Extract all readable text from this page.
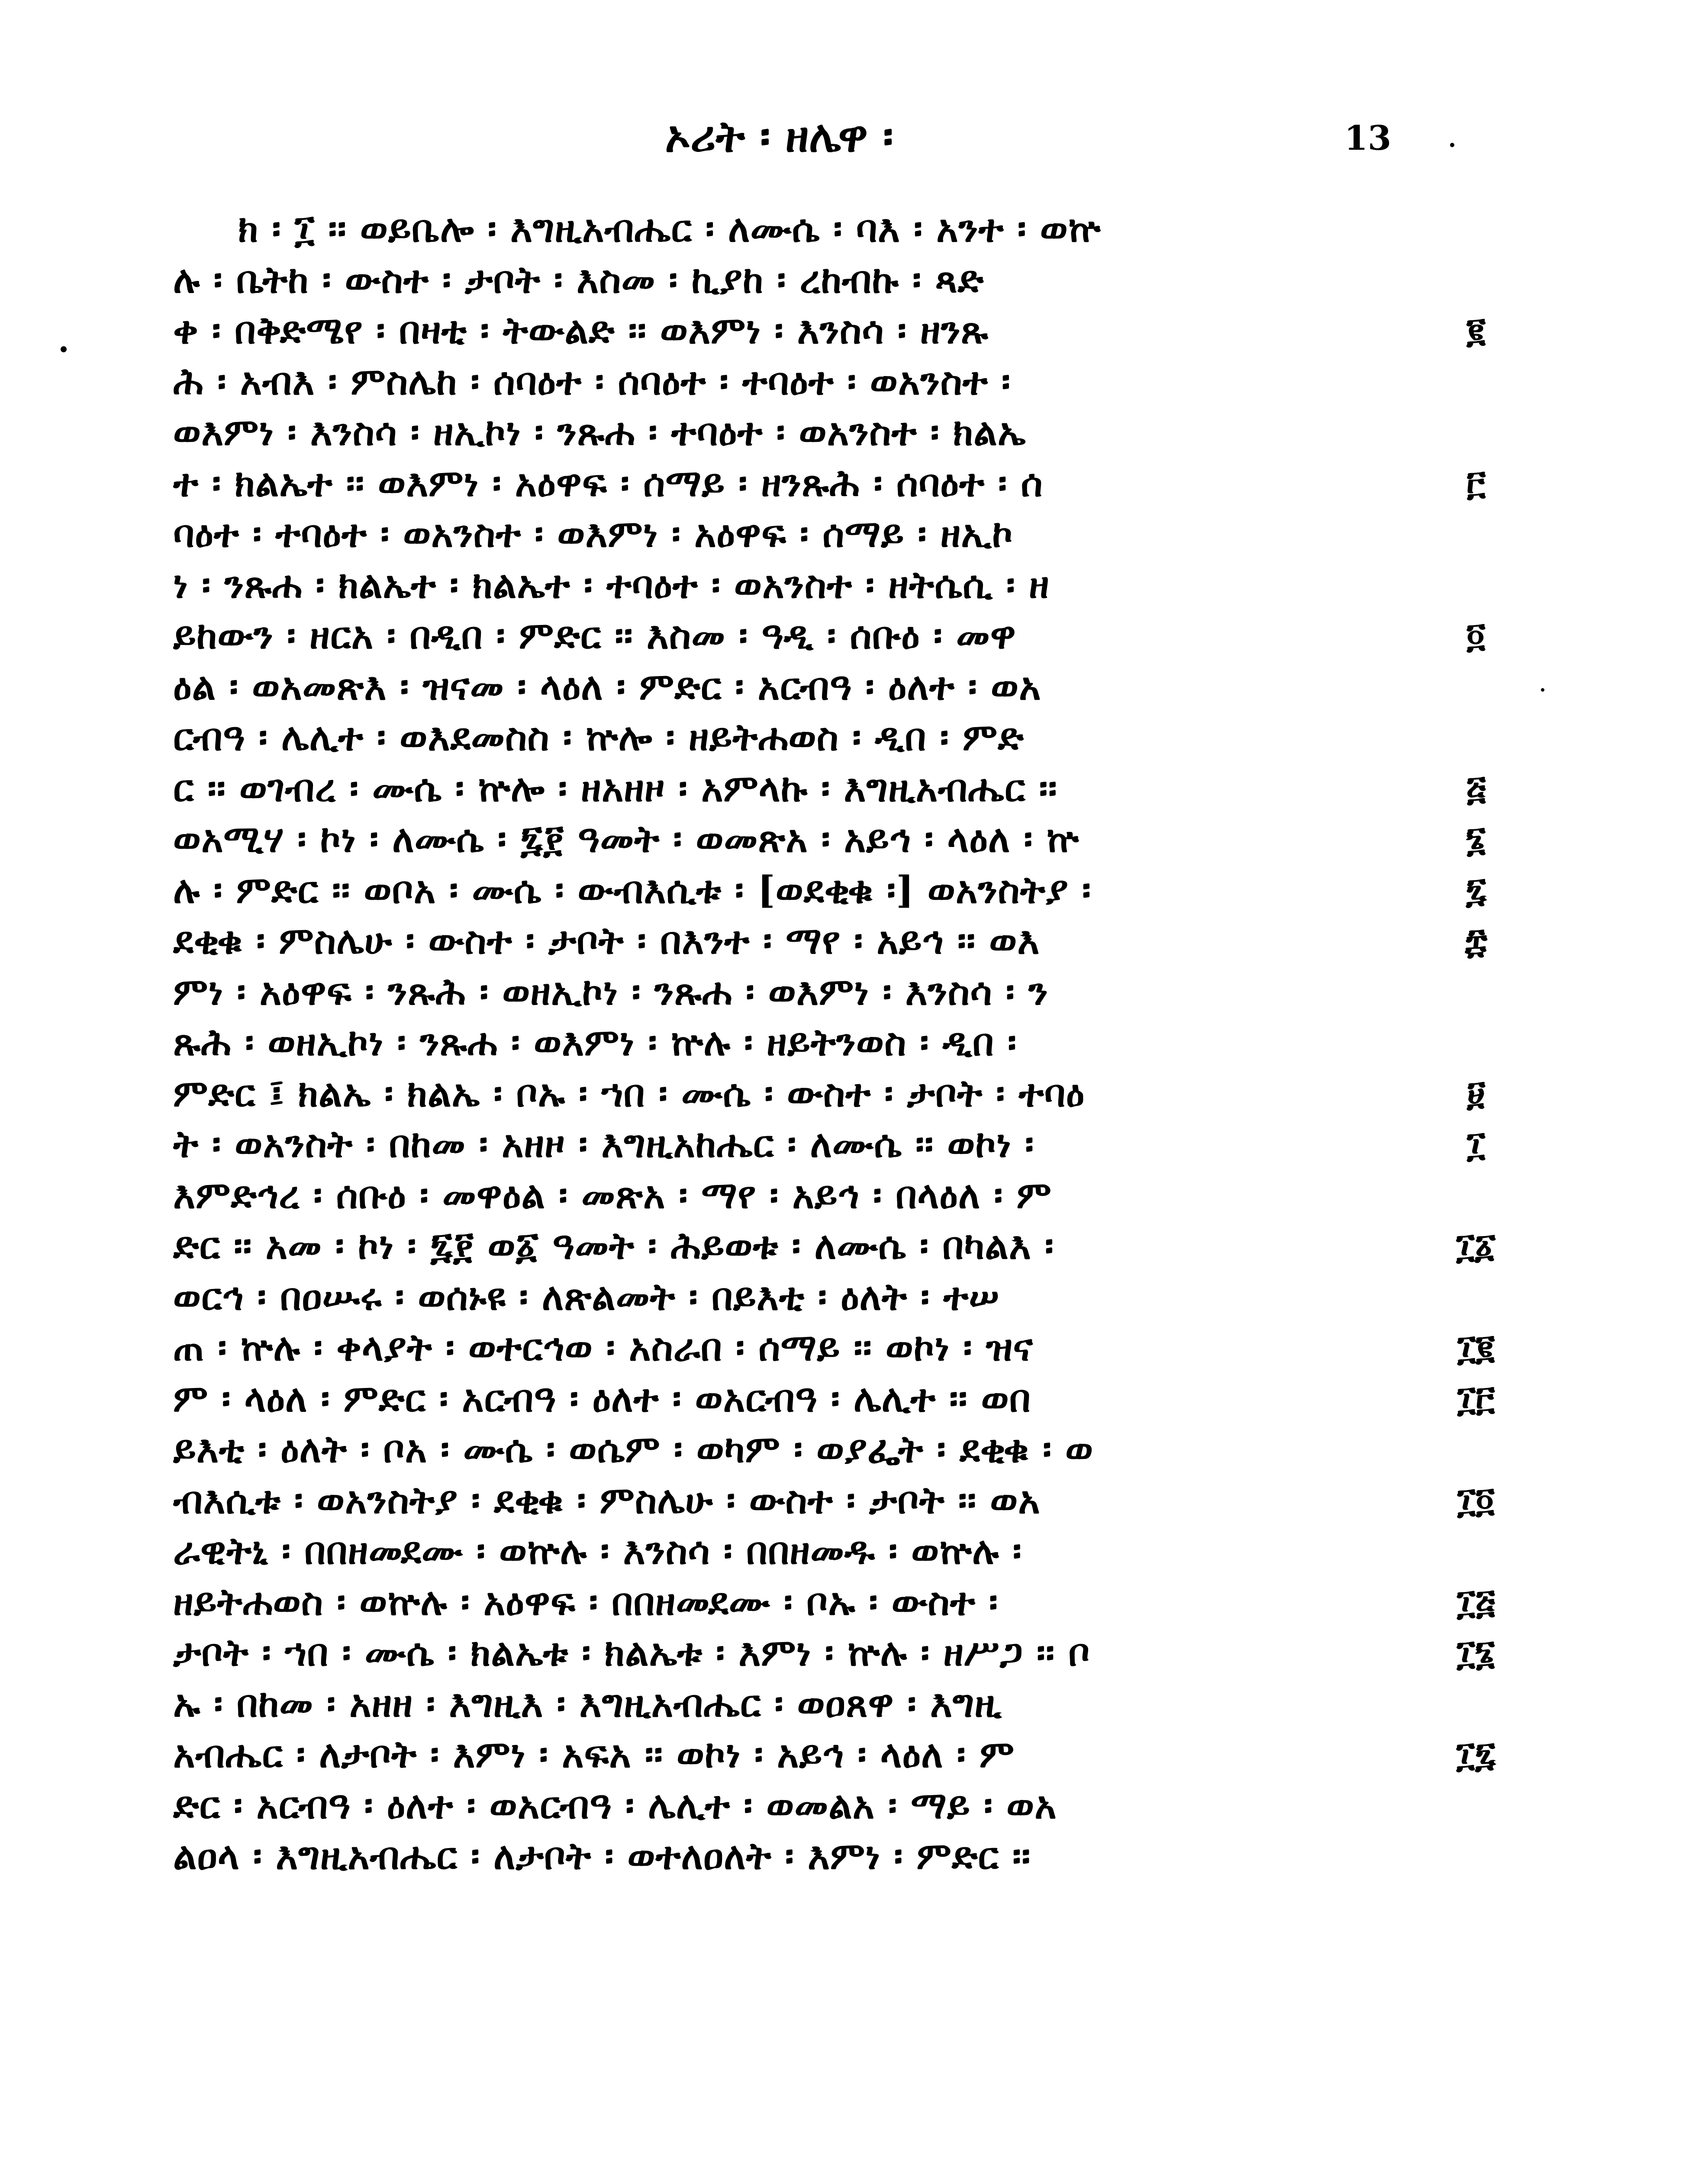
ኦሪት ፡ ዘሌዋ ፡	13
ክ ፡ ፲ ፡፡ ወይቤሎ ፡ እግዚአብሔር ፡ ለሙሴ ፡ ባእ ፡ አንተ ፡ ወኵ
ሉ ፡ ቤትከ ፡ ውስተ ፡ ታቦት ፡ እስመ ፡ ኪያከ ፡ ረከብኩ ፡ ጻድ
ቀ ፡ በቅድሜየ ፡ በዛቲ ፡ ትውልድ ፡፡ ወእምነ ፡ እንስሳ ፡ ዘንጹ
ሕ ፡ አብእ ፡ ምስሌከ ፡ ሰባዕተ ፡ ሰባዕተ ፡ ተባዕተ ፡ ወአንስተ ፡
ወእምነ ፡ እንስሳ ፡ ዘኢኮነ ፡ ንጹሐ ፡ ተባዕተ ፡ ወአንስተ ፡ ክልኤ
ተ ፡ ክልኤተ ፡፡ ወእምነ ፡ አዕዋፍ ፡ ሰማይ ፡ ዘንጹሕ ፡ ሰባዕተ ፡ ሰ
ባዕተ ፡ ተባዕተ ፡ ወአንስተ ፡ ወእምነ ፡ አዕዋፍ ፡ ሰማይ ፡ ዘኢኮ
ነ ፡ ንጹሐ ፡ ክልኤተ ፡ ክልኤተ ፡ ተባዕተ ፡ ወአንስተ ፡ ዘትሴሲ ፡ ዘ
ይከውን ፡ ዘርአ ፡ በዲበ ፡ ምድር ፡፡ እስመ ፡ ዓዲ ፡ ሰቡዕ ፡ መዋ
ዕል ፡ ወአመጽእ ፡ ዝናመ ፡ ላዕለ ፡ ምድር ፡ አርብዓ ፡ ዕለተ ፡ ወአ
ርብዓ ፡ ሌሊተ ፡ ወእደመስስ ፡ ኵሎ ፡ ዘይትሐወስ ፡ ዲበ ፡ ምድ
ር ፡፡ ወገብረ ፡ ሙሴ ፡ ኵሎ ፡ ዘአዘዞ ፡ አምላኩ ፡ እግዚአብሔር ፡፡
ወአሚሃ ፡ ኮነ ፡ ለሙሴ ፡ ፯፻ ዓመት ፡ ወመጽአ ፡ አይኅ ፡ ላዕለ ፡ ኵ
ሉ ፡ ምድር ፡፡ ወቦአ ፡ ሙሴ ፡ ውብእሲቱ ፡ [ወደቂቁ ፡] ወአንስትያ ፡
ደቂቁ ፡ ምስሌሁ ፡ ውስተ ፡ ታቦት ፡ በእንተ ፡ ማየ ፡ አይኅ ፡፡ ወእ
ምነ ፡ አዕዋፍ ፡ ንጹሕ ፡ ወዘኢኮነ ፡ ንጹሐ ፡ ወእምነ ፡ እንስሳ ፡ ን
ጹሕ ፡ ወዘኢኮነ ፡ ንጹሐ ፡ ወእምነ ፡ ኵሉ ፡ ዘይትንወስ ፡ ዲበ ፡
ምድር ፤ ክልኤ ፡ ክልኤ ፡ ቦኡ ፡ ኀበ ፡ ሙሴ ፡ ውስተ ፡ ታቦት ፡ ተባዕ
ት ፡ ወአንስት ፡ በከመ ፡ አዘዞ ፡ እግዚአከሔር ፡ ለሙሴ ፡፡ ወኮነ ፡
እምድኅረ ፡ ሰቡዕ ፡ መዋዕል ፡ መጽአ ፡ ማየ ፡ አይኅ ፡ በላዕለ ፡ ም
ድር ፡፡ አመ ፡ ኮነ ፡ ፯፻ ወ፩ ዓመት ፡ ሕይወቱ ፡ ለሙሴ ፡ በካልእ ፡
ወርኅ ፡ በዐሡሩ ፡ ወሰኑዩ ፡ ለጽልመት ፡ በይእቲ ፡ ዕለት ፡ ተሠ
ጠ ፡ ኵሉ ፡ ቀላያት ፡ ወተርኅወ ፡ አስራበ ፡ ሰማይ ፡፡ ወኮነ ፡ ዝና
ም ፡ ላዕለ ፡ ምድር ፡ አርብዓ ፡ ዕለተ ፡ ወአርብዓ ፡ ሌሊተ ፡፡ ወበ
ይእቲ ፡ ዕለት ፡ ቦአ ፡ ሙሴ ፡ ወሴም ፡ ወካም ፡ ወያፌት ፡ ደቂቁ ፡ ወ
ብእሲቱ ፡ ወአንስትያ ፡ ደቂቁ ፡ ምስሌሁ ፡ ውስተ ፡ ታቦት ፡፡ ወአ
ራዊትኒ ፡ በበዘመደሙ ፡ ወኵሉ ፡ እንስሳ ፡ በበዘመዱ ፡ ወኵሉ ፡
ዘይትሐወስ ፡ ወኵሉ ፡ አዕዋፍ ፡ በበዘመደሙ ፡ ቦኡ ፡ ውስተ ፡
ታቦት ፡ ኀበ ፡ ሙሴ ፡ ክልኤቱ ፡ ክልኤቱ ፡ እምነ ፡ ኵሉ ፡ ዘሥጋ ፡፡ ቦ
ኡ ፡ በከመ ፡ አዘዘ ፡ እግዚእ ፡ እግዚአብሔር ፡ ወዐጸዋ ፡ እግዚ
አብሔር ፡ ለታቦት ፡ እምነ ፡ አፍአ ፡፡ ወኮነ ፡ አይኅ ፡ ላዕለ ፡ ም
ድር ፡ አርብዓ ፡ ዕለተ ፡ ወአርብዓ ፡ ሌሊተ ፡ ወመልአ ፡ ማይ ፡ ወአ
ልዐላ ፡ እግዚአብሔር ፡ ለታቦት ፡ ወተለዐለት ፡ እምነ ፡ ምድር ፡፡
፪
፫
፬
፭
፮
፯
፰
፱
፲
፲፩
፲፪
፲፫
፲፬
፲፭
፲፮
፲፯
